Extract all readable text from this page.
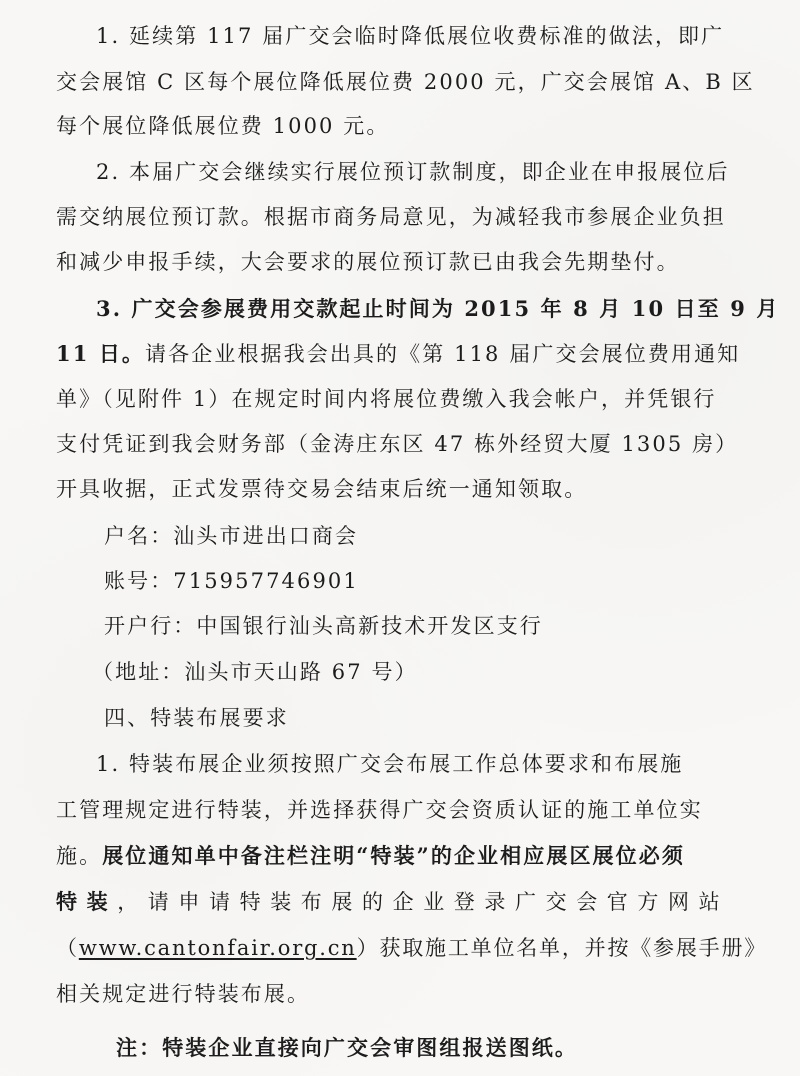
1. 延续第 117 届广交会临时降低展位收费标准的做法，即广
交会展馆 C 区每个展位降低展位费 2000 元，广交会展馆 A、B 区
每个展位降低展位费 1000 元。
2. 本届广交会继续实行展位预订款制度，即企业在申报展位后
需交纳展位预订款。根据市商务局意见，为减轻我市参展企业负担
和减少申报手续，大会要求的展位预订款已由我会先期垫付。
3. 广交会参展费用交款起止时间为 2015 年 8 月 10 日至 9 月
11 日。请各企业根据我会出具的《第 118 届广交会展位费用通知
单》（见附件 1）在规定时间内将展位费缴入我会帐户，并凭银行
支付凭证到我会财务部（金涛庄东区 47 栋外经贸大厦 1305 房）
开具收据，正式发票待交易会结束后统一通知领取。
户名：汕头市进出口商会
账号：715957746901
开户行：中国银行汕头高新技术开发区支行
（地址：汕头市天山路 67 号）
四、特装布展要求
1. 特装布展企业须按照广交会布展工作总体要求和布展施
工管理规定进行特装，并选择获得广交会资质认证的施工单位实
施。展位通知单中备注栏注明“特装”的企业相应展区展位必须
特装，请申请特装布展的企业登录广交会官方网站
（www.cantonfair.org.cn）获取施工单位名单，并按《参展手册》
相关规定进行特装布展。
注：特装企业直接向广交会审图组报送图纸。
